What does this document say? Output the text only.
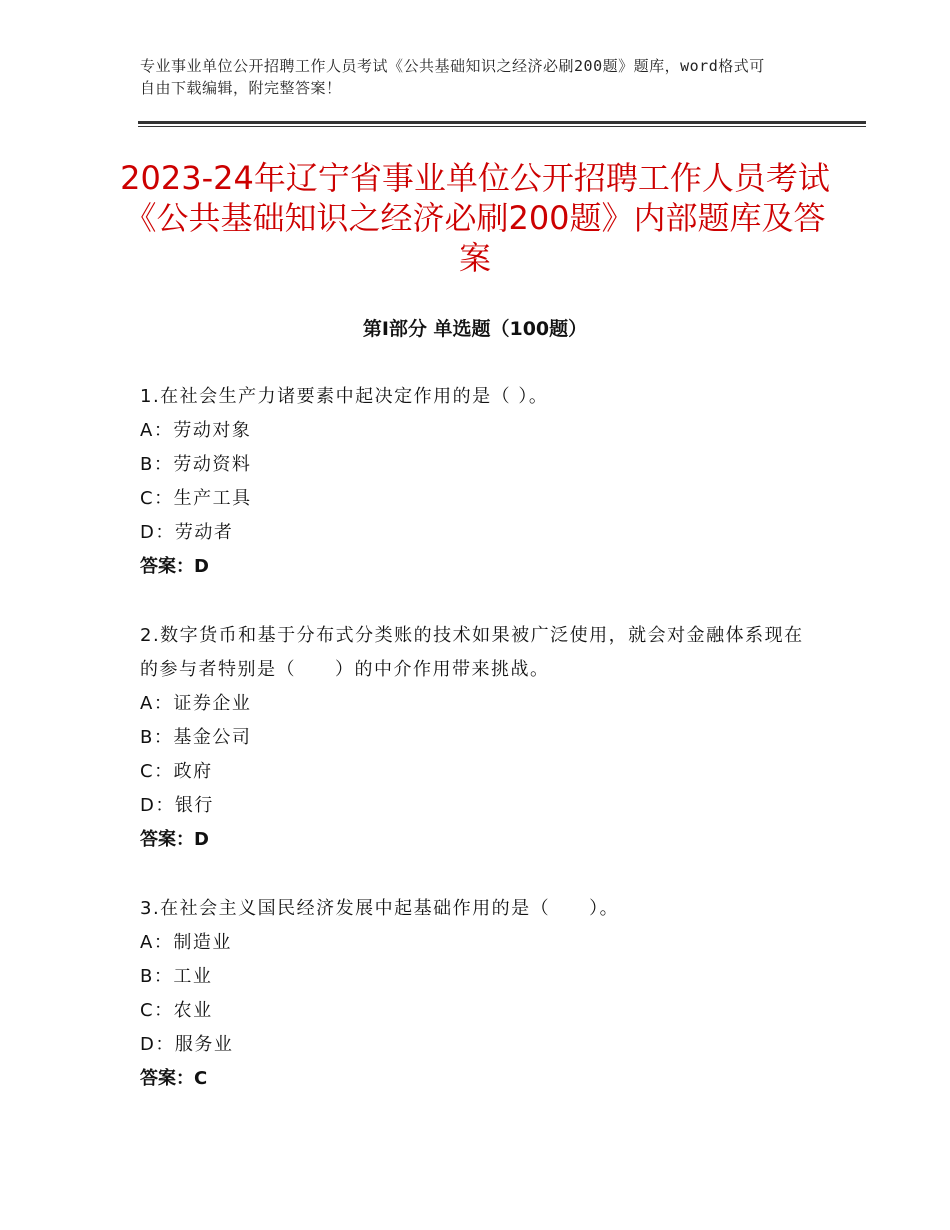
专业事业单位公开招聘工作人员考试《公共基础知识之经济必刷200题》题库，word格式可自由下载编辑，附完整答案！
2023-24年辽宁省事业单位公开招聘工作人员考试《公共基础知识之经济必刷200题》内部题库及答案
第Ⅰ部分 单选题（100题）
1.在社会生产力诸要素中起决定作用的是（ ）。
A：劳动对象
B：劳动资料
C：生产工具
D：劳动者
答案：D
2.数字货币和基于分布式分类账的技术如果被广泛使用，就会对金融体系现在的参与者特别是（　　）的中介作用带来挑战。
A：证券企业
B：基金公司
C：政府
D：银行
答案：D
3.在社会主义国民经济发展中起基础作用的是（　　）。
A：制造业
B：工业
C：农业
D：服务业
答案：C
